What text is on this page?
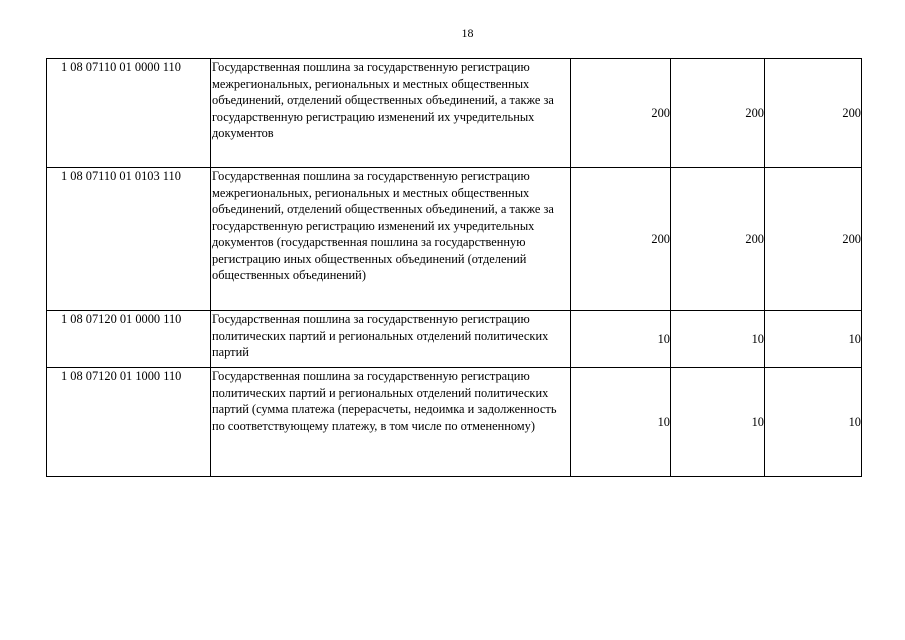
18
1 08 07110 01 0000 110	Государственная пошлина за государственную регистрацию межрегиональных, региональных и местных общественных объединений, отделений общественных объединений, а также за государственную регистрацию изменений их учредительных документов	200	200	200
1 08 07110 01 0103 110	Государственная пошлина за государственную регистрацию межрегиональных, региональных и местных общественных объединений, отделений общественных объединений, а также за государственную регистрацию изменений их учредительных документов (государственная пошлина за государственную регистрацию иных общественных объединений (отделений общественных объединений)	200	200	200
1 08 07120 01 0000 110	Государственная пошлина за государственную регистрацию политических партий и региональных отделений политических партий	10	10	10
1 08 07120 01 1000 110	Государственная пошлина за государственную регистрацию политических партий и региональных отделений политических партий (сумма платежа (перерасчеты, недоимка и задолженность по соответствующему платежу, в том числе по отмененному)	10	10	10
